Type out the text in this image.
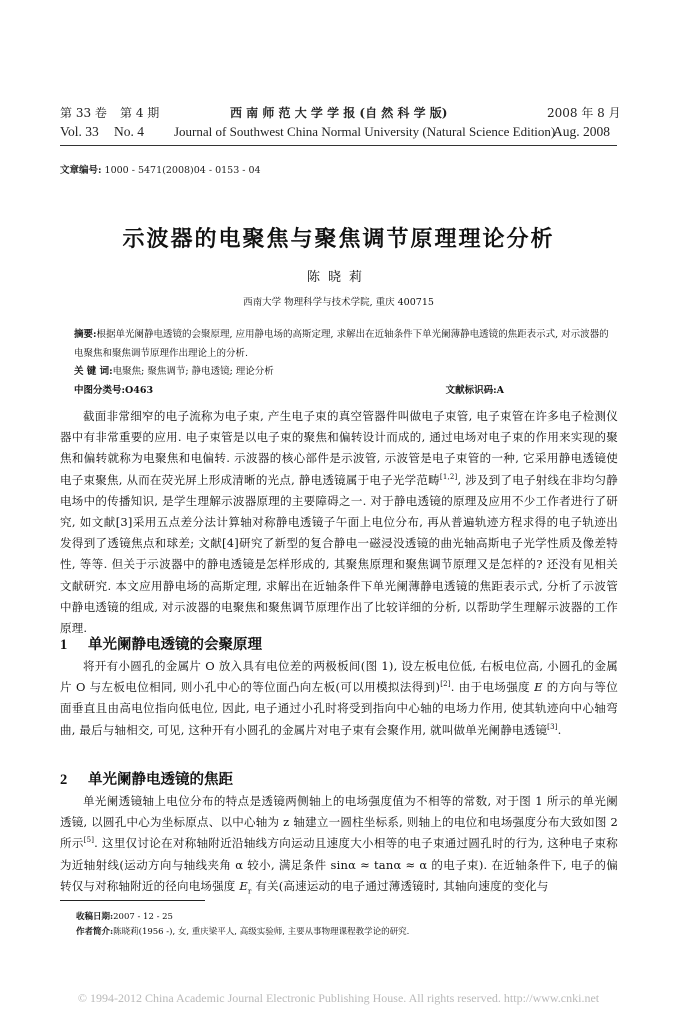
第 33 卷 第 4 期	西 南 师 范 大 学 学 报 (自 然 科 学 版)	2008 年 8 月
Vol. 33 No. 4 Journal of Southwest China Normal University (Natural Science Edition)
Aug. 2008
文章编号: 1000 - 5471(2008)04 - 0153 - 04
示波器的电聚焦与聚焦调节原理理论分析
陈晓莉
西南大学 物理科学与技术学院, 重庆 400715
摘要:根据单光阑静电透镜的会聚原理, 应用静电场的高斯定理, 求解出在近轴条件下单光阑薄静电透镜的焦距表示式, 对示波器的电聚焦和聚焦调节原理作出理论上的分析.
关 键 词:电聚焦; 聚焦调节; 静电透镜; 理论分析
中图分类号:O463	文献标识码:A
截面非常细窄的电子流称为电子束, 产生电子束的真空管器件叫做电子束管, 电子束管在许多电子检测仪器中有非常重要的应用. 电子束管是以电子束的聚焦和偏转设计而成的, 通过电场对电子束的作用来实现的聚焦和偏转就称为电聚焦和电偏转. 示波器的核心部件是示波管, 示波管是电子束管的一种, 它采用静电透镜使电子束聚焦, 从而在荧光屏上形成清晰的光点, 静电透镜属于电子光学范畴[1,2], 涉及到了电子射线在非均匀静电场中的传播知识, 是学生理解示波器原理的主要障碍之一. 对于静电透镜的原理及应用不少工作者进行了研究, 如文献[3]采用五点差分法计算轴对称静电透镜子午面上电位分布, 再从普遍轨迹方程求得的电子轨迹出发得到了透镜焦点和球差; 文献[4]研究了新型的复合静电一磁浸没透镜的曲光轴高斯电子光学性质及像差特性, 等等. 但关于示波器中的静电透镜是怎样形成的, 其聚焦原理和聚焦调节原理又是怎样的? 还没有见相关文献研究. 本文应用静电场的高斯定理, 求解出在近轴条件下单光阑薄静电透镜的焦距表示式, 分析了示波管中静电透镜的组成, 对示波器的电聚焦和聚焦调节原理作出了比较详细的分析, 以帮助学生理解示波器的工作原理.
1 单光阑静电透镜的会聚原理
将开有小圆孔的金属片 O 放入具有电位差的两极板间(图 1), 设左板电位低, 右板电位高, 小圆孔的金属片 O 与左板电位相同, 则小孔中心的等位面凸向左板(可以用模拟法得到)[2]. 由于电场强度 E 的方向与等位面垂直且由高电位指向低电位, 因此, 电子通过小孔时将受到指向中心轴的电场力作用, 使其轨迹向中心轴弯曲, 最后与轴相交, 可见, 这种开有小圆孔的金属片对电子束有会聚作用, 就叫做单光阑静电透镜[3].
2 单光阑静电透镜的焦距
单光阑透镜轴上电位分布的特点是透镜两侧轴上的电场强度值为不相等的常数, 对于图 1 所示的单光阑透镜, 以圆孔中心为坐标原点、以中心轴为 z 轴建立一圆柱坐标系, 则轴上的电位和电场强度分布大致如图 2 所示[5]. 这里仅讨论在对称轴附近沿轴线方向运动且速度大小相等的电子束通过圆孔时的行为, 这种电子束称为近轴射线(运动方向与轴线夹角 α 较小, 满足条件 sinα ≈ tanα ≈ α 的电子束). 在近轴条件下, 电子的偏转仅与对称轴附近的径向电场强度 $E_r$ 有关(高速运动的电子通过薄透镜时, 其轴向速度的变化与
收稿日期:2007 - 12 - 25
作者简介:陈晓莉(1956 -), 女, 重庆梁平人, 高级实验师, 主要从事物理课程教学论的研究.
© 1994-2012 China Academic Journal Electronic Publishing House. All rights reserved. http://www.cnki.net
